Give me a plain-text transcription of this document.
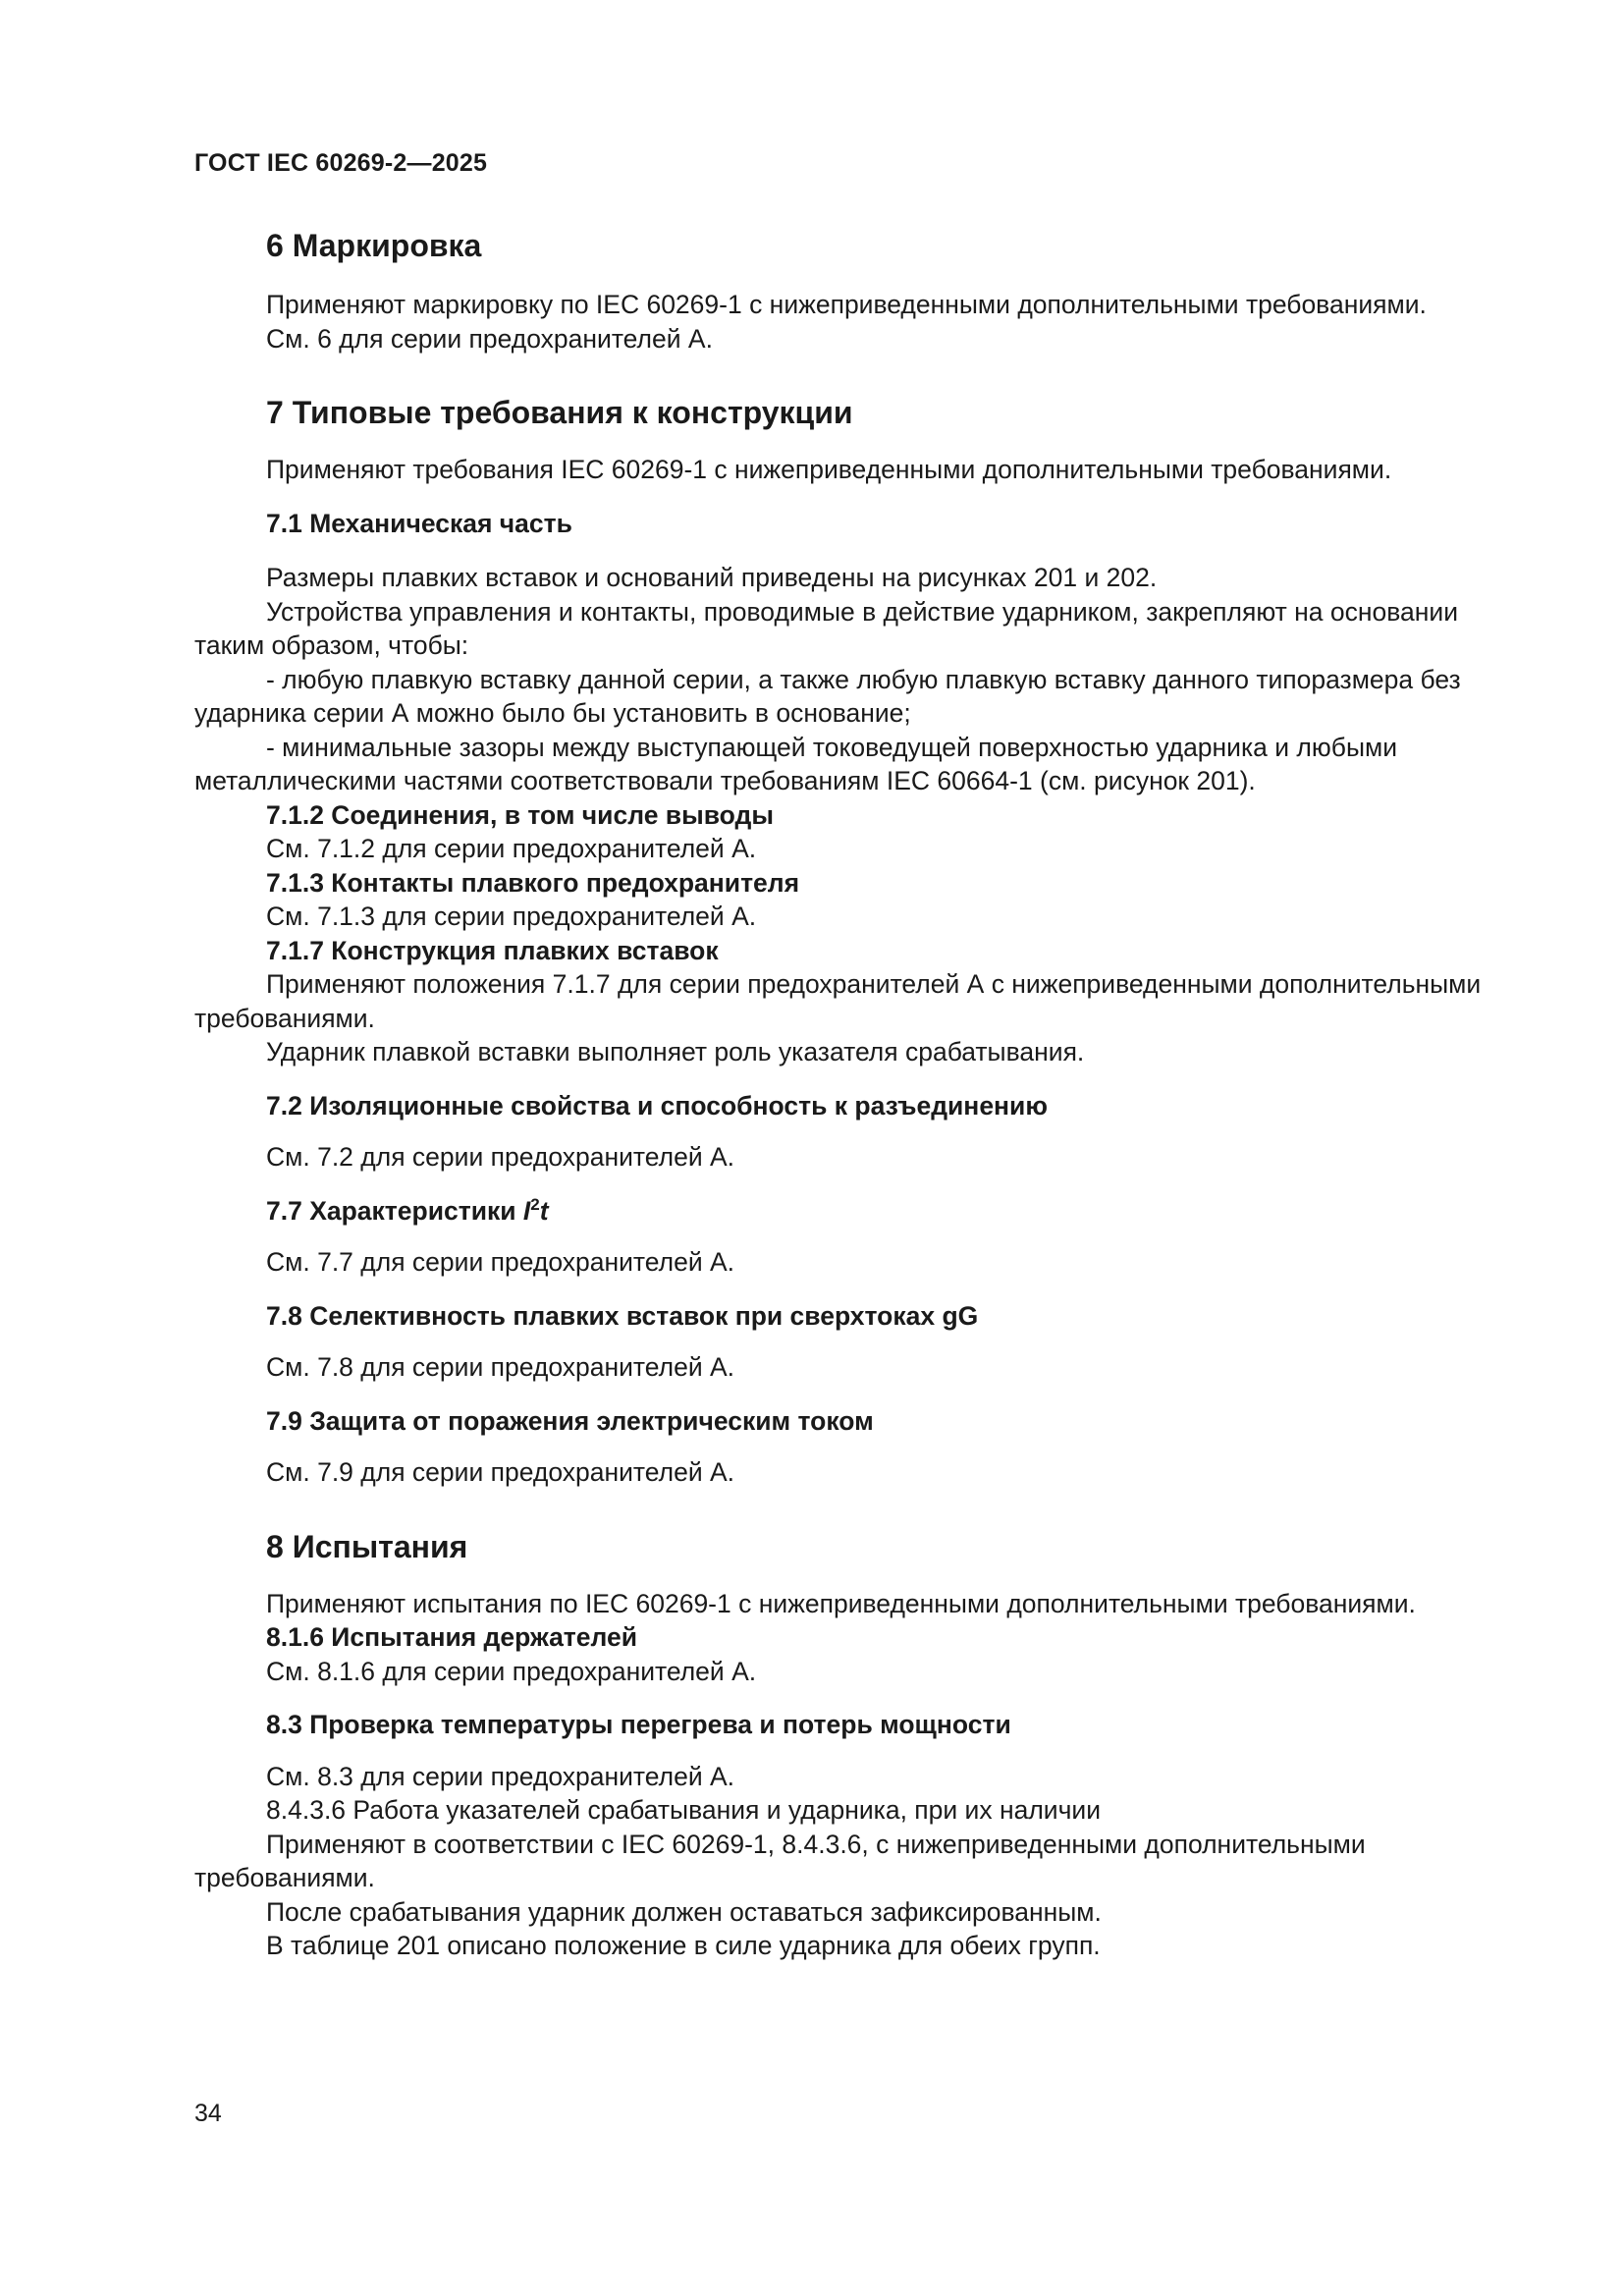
ГОСТ IEC 60269-2—2025

6 Маркировка

Применяют маркировку по IEC 60269-1 с нижеприведенными дополнительными требованиями.

См. 6 для серии предохранителей А.

7 Типовые требования к конструкции

Применяют требования IEC 60269-1 с нижеприведенными дополнительными требованиями.

7.1 Механическая часть

Размеры плавких вставок и оснований приведены на рисунках 201 и 202.

Устройства управления и контакты, проводимые в действие ударником, закрепляют на основании таким образом, чтобы:

- любую плавкую вставку данной серии, а также любую плавкую вставку данного типоразмера без ударника серии А можно было бы установить в основание;

- минимальные зазоры между выступающей токоведущей поверхностью ударника и любыми металлическими частями соответствовали требованиям IEC 60664-1 (см. рисунок 201).

7.1.2 Соединения, в том числе выводы

См. 7.1.2 для серии предохранителей А.

7.1.3 Контакты плавкого предохранителя

См. 7.1.3 для серии предохранителей А.

7.1.7 Конструкция плавких вставок

Применяют положения 7.1.7 для серии предохранителей А с нижеприведенными дополнительными требованиями.

Ударник плавкой вставки выполняет роль указателя срабатывания.

7.2 Изоляционные свойства и способность к разъединению

См. 7.2 для серии предохранителей А.

7.7 Характеристики $I^2t$

См. 7.7 для серии предохранителей А.

7.8 Селективность плавких вставок при сверхтоках gG

См. 7.8 для серии предохранителей А.

7.9 Защита от поражения электрическим током

См. 7.9 для серии предохранителей А.

8 Испытания

Применяют испытания по IEC 60269-1 с нижеприведенными дополнительными требованиями.

8.1.6 Испытания держателей

См. 8.1.6 для серии предохранителей А.

8.3 Проверка температуры перегрева и потерь мощности

См. 8.3 для серии предохранителей А.

8.4.3.6 Работа указателей срабатывания и ударника, при их наличии

Применяют в соответствии с IEC 60269-1, 8.4.3.6, с нижеприведенными дополнительными требованиями.

После срабатывания ударник должен оставаться зафиксированным.

В таблице 201 описано положение в силе ударника для обеих групп.

34
